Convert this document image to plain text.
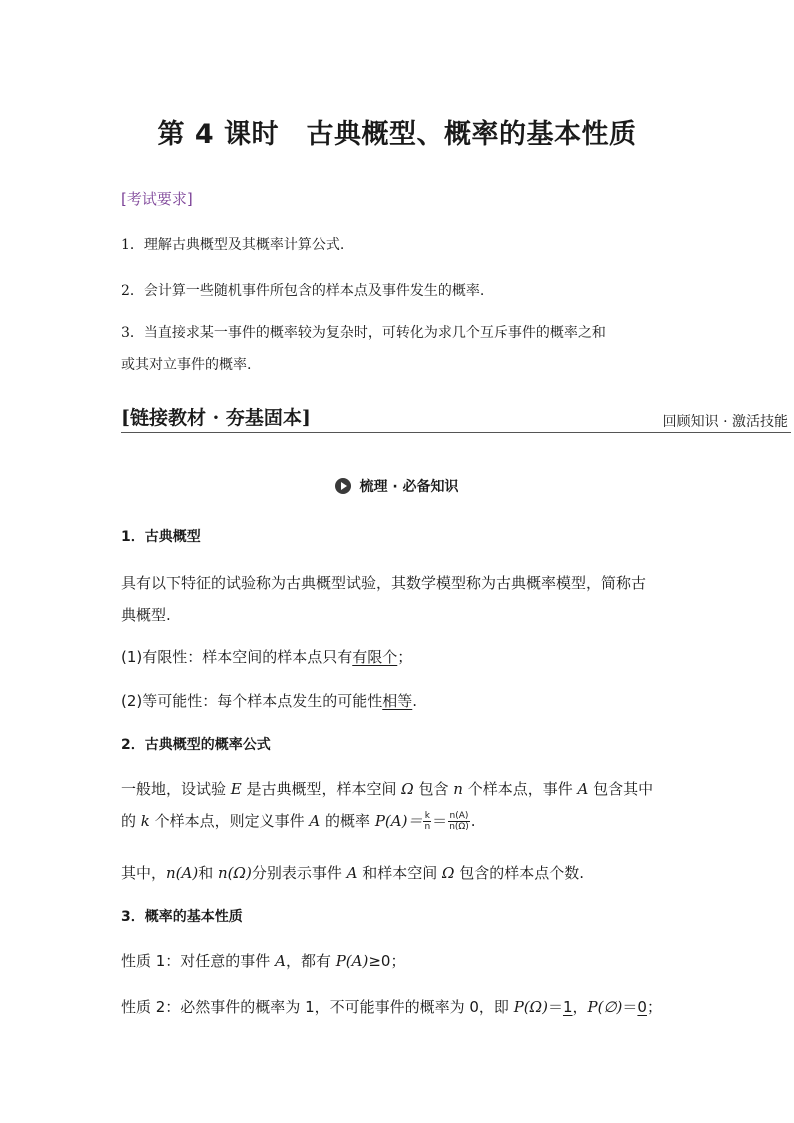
第 4 课时　古典概型、概率的基本性质
[考试要求]
1．理解古典概型及其概率计算公式.
2．会计算一些随机事件所包含的样本点及事件发生的概率.
3．当直接求某一事件的概率较为复杂时，可转化为求几个互斥事件的概率之和
或其对立事件的概率.
[链接教材 · 夯基固本]	回顾知识 · 激活技能
梳理 · 必备知识
1．古典概型
具有以下特征的试验称为古典概型试验，其数学模型称为古典概率模型，简称古
典概型.
(1)有限性：样本空间的样本点只有有限个；
(2)等可能性：每个样本点发生的可能性相等.
2．古典概型的概率公式
一般地，设试验 E 是古典概型，样本空间 Ω 包含 n 个样本点，事件 A 包含其中
的 k 个样本点，则定义事件 A 的概率 $P(A)= \frac{k}{n} = \frac{n(A)}{n(\Omega)}$ .
其中，n(A)和 n(Ω)分别表示事件 A 和样本空间 Ω 包含的样本点个数.
3．概率的基本性质
性质 1：对任意的事件 A，都有 P(A)≥0；
性质 2：必然事件的概率为 1，不可能事件的概率为 0，即 P(Ω)＝1，P(∅)＝0；
